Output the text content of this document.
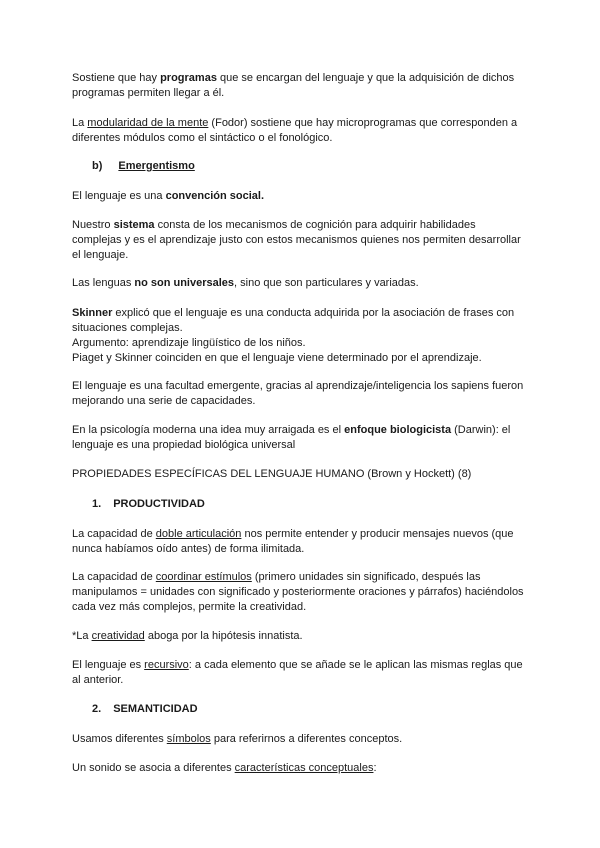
Sostiene que hay programas que se encargan del lenguaje y que la adquisición de dichos
programas permiten llegar a él.

La modularidad de la mente (Fodor) sostiene que hay microprogramas que corresponden a
diferentes módulos como el sintáctico o el fonológico.

b) Emergentismo

El lenguaje es una convención social.

Nuestro sistema consta de los mecanismos de cognición para adquirir habilidades
complejas y es el aprendizaje justo con estos mecanismos quienes nos permiten desarrollar
el lenguaje.

Las lenguas no son universales, sino que son particulares y variadas.

Skinner explicó que el lenguaje es una conducta adquirida por la asociación de frases con
situaciones complejas.
Argumento: aprendizaje lingüístico de los niños.
Piaget y Skinner coinciden en que el lenguaje viene determinado por el aprendizaje.

El lenguaje es una facultad emergente, gracias al aprendizaje/inteligencia los sapiens fueron
mejorando una serie de capacidades.

En la psicología moderna una idea muy arraigada es el enfoque biologicista (Darwin): el
lenguaje es una propiedad biológica universal

PROPIEDADES ESPECÍFICAS DEL LENGUAJE HUMANO (Brown y Hockett) (8)

1. PRODUCTIVIDAD

La capacidad de doble articulación nos permite entender y producir mensajes nuevos (que
nunca habíamos oído antes) de forma ilimitada.

La capacidad de coordinar estímulos (primero unidades sin significado, después las
manipulamos = unidades con significado y posteriormente oraciones y párrafos) haciéndolos
cada vez más complejos, permite la creatividad.

*La creatividad aboga por la hipótesis innatista.

El lenguaje es recursivo: a cada elemento que se añade se le aplican las mismas reglas que
al anterior.

2. SEMANTICIDAD

Usamos diferentes símbolos para referirnos a diferentes conceptos.

Un sonido se asocia a diferentes características conceptuales:
